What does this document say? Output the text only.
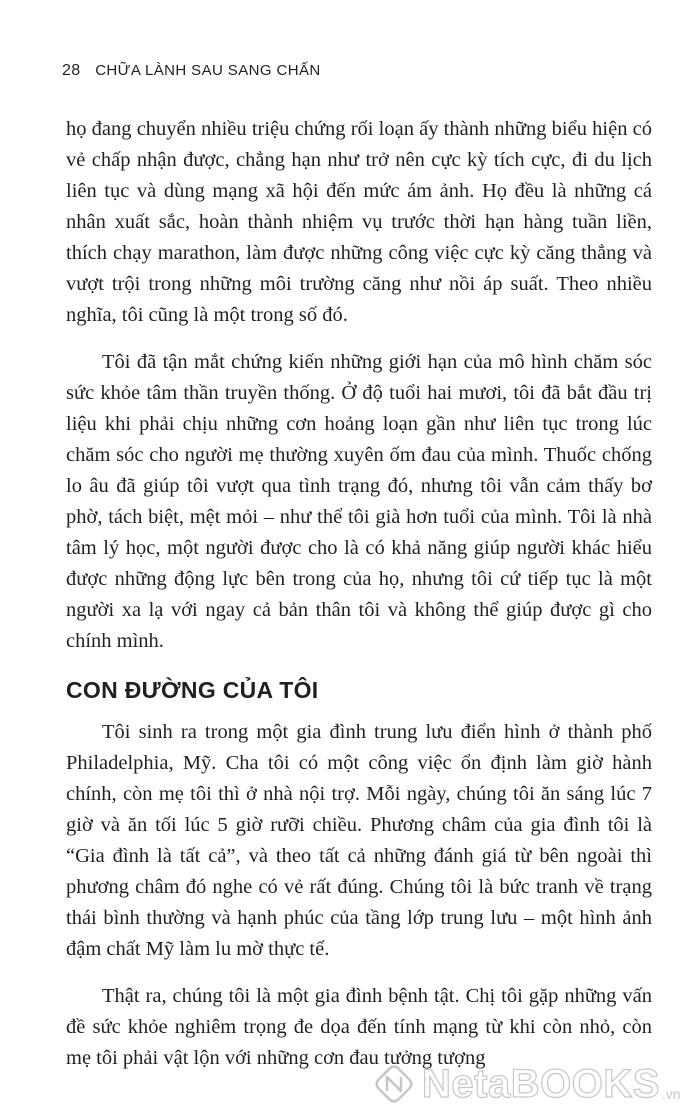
28 CHỮA LÀNH SAU SANG CHẤN

họ đang chuyển nhiều triệu chứng rối loạn ấy thành những biểu hiện có vẻ chấp nhận được, chẳng hạn như trở nên cực kỳ tích cực, đi du lịch liên tục và dùng mạng xã hội đến mức ám ảnh. Họ đều là những cá nhân xuất sắc, hoàn thành nhiệm vụ trước thời hạn hàng tuần liền, thích chạy marathon, làm được những công việc cực kỳ căng thẳng và vượt trội trong những môi trường căng như nồi áp suất. Theo nhiều nghĩa, tôi cũng là một trong số đó.

Tôi đã tận mắt chứng kiến những giới hạn của mô hình chăm sóc sức khỏe tâm thần truyền thống. Ở độ tuổi hai mươi, tôi đã bắt đầu trị liệu khi phải chịu những cơn hoảng loạn gần như liên tục trong lúc chăm sóc cho người mẹ thường xuyên ốm đau của mình. Thuốc chống lo âu đã giúp tôi vượt qua tình trạng đó, nhưng tôi vẫn cảm thấy bơ phờ, tách biệt, mệt mỏi – như thể tôi già hơn tuổi của mình. Tôi là nhà tâm lý học, một người được cho là có khả năng giúp người khác hiểu được những động lực bên trong của họ, nhưng tôi cứ tiếp tục là một người xa lạ với ngay cả bản thân tôi và không thể giúp được gì cho chính mình.

CON ĐƯỜNG CỦA TÔI

Tôi sinh ra trong một gia đình trung lưu điển hình ở thành phố Philadelphia, Mỹ. Cha tôi có một công việc ổn định làm giờ hành chính, còn mẹ tôi thì ở nhà nội trợ. Mỗi ngày, chúng tôi ăn sáng lúc 7 giờ và ăn tối lúc 5 giờ rưỡi chiều. Phương châm của gia đình tôi là “Gia đình là tất cả”, và theo tất cả những đánh giá từ bên ngoài thì phương châm đó nghe có vẻ rất đúng. Chúng tôi là bức tranh về trạng thái bình thường và hạnh phúc của tầng lớp trung lưu – một hình ảnh đậm chất Mỹ làm lu mờ thực tế.

Thật ra, chúng tôi là một gia đình bệnh tật. Chị tôi gặp những vấn đề sức khỏe nghiêm trọng đe dọa đến tính mạng từ khi còn nhỏ, còn mẹ tôi phải vật lộn với những cơn đau tưởng tượng

NetaBOOKS .vn
